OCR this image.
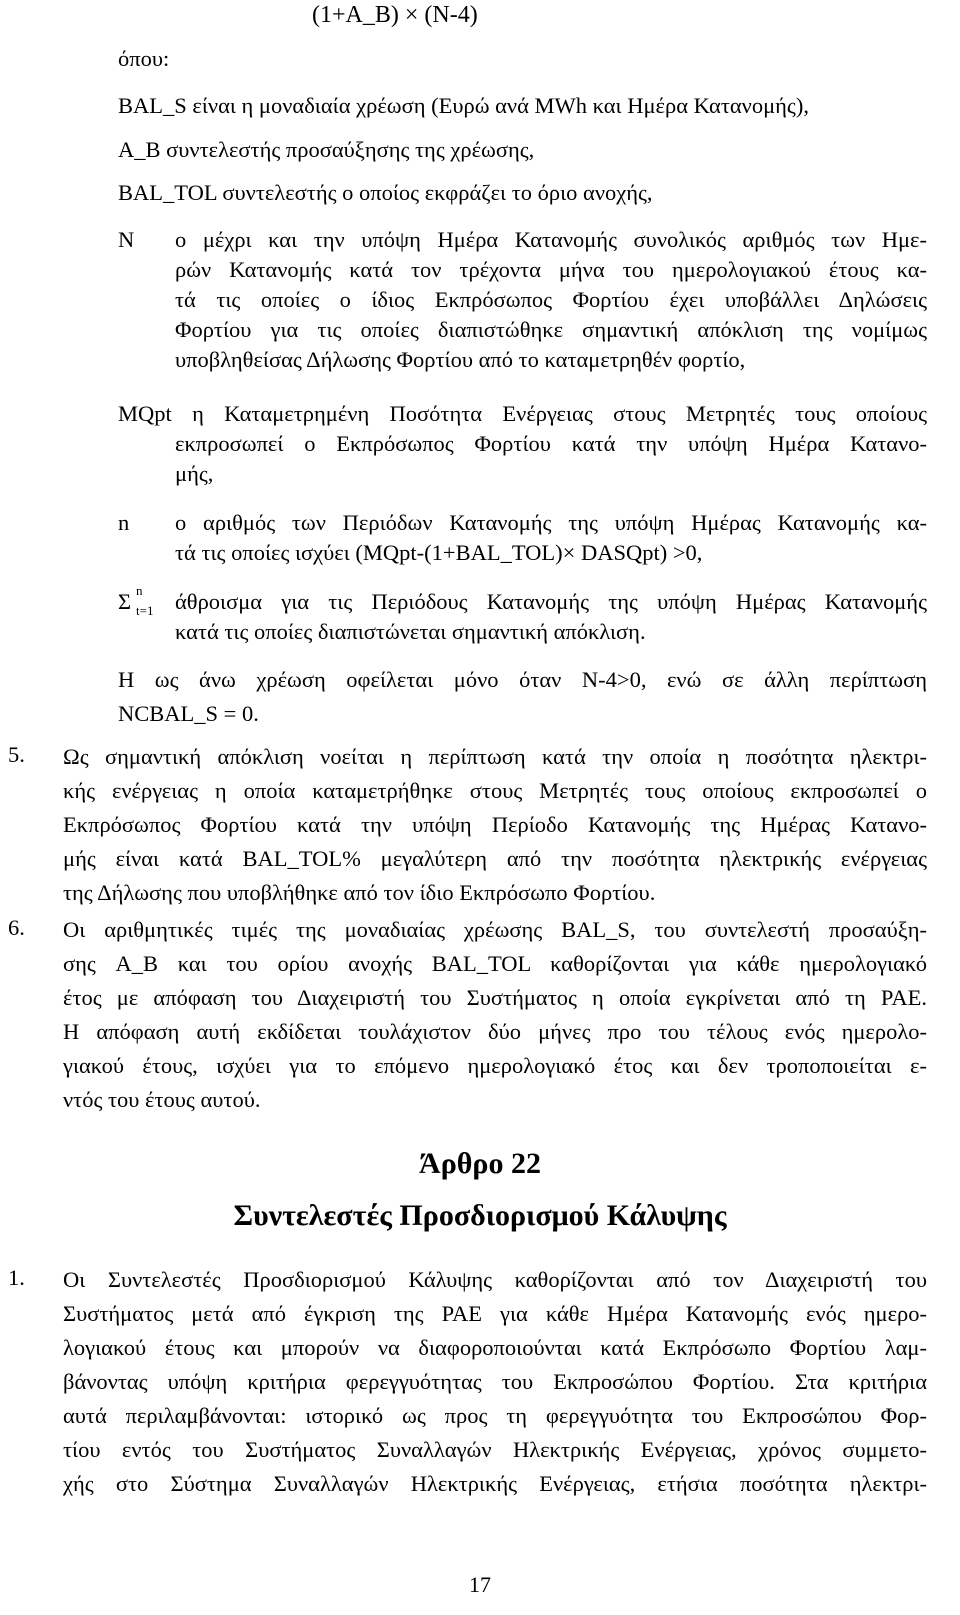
(1+A_B) × (N-4)
όπου:
BAL_S είναι η μοναδιαία χρέωση (Ευρώ ανά MWh και Ημέρα Κατανομής),
A_B συντελεστής προσαύξησης της χρέωσης,
BAL_TOL συντελεστής ο οποίος εκφράζει το όριο ανοχής,
Ν ο μέχρι και την υπόψη Ημέρα Κατανομής συνολικός αριθμός των Ημε-
ρών Κατανομής κατά τον τρέχοντα μήνα του ημερολογιακού έτους κα-
τά τις οποίες ο ίδιος Εκπρόσωπος Φορτίου έχει υποβάλλει Δηλώσεις
Φορτίου για τις οποίες διαπιστώθηκε σημαντική απόκλιση της νομίμως
υποβληθείσας Δήλωσης Φορτίου από το καταμετρηθέν φορτίο,
MQpt η Καταμετρημένη Ποσότητα Ενέργειας στους Μετρητές τους οποίους
εκπροσωπεί ο Εκπρόσωπος Φορτίου κατά την υπόψη Ημέρα Κατανο-
μής,
n ο αριθμός των Περιόδων Κατανομής της υπόψη Ημέρας Κατανομής κα-
τά τις οποίες ισχύει (MQpt-(1+BAL_TOL)× DASQpt) >0,
Σ n
t=1 άθροισμα για τις Περιόδους Κατανομής της υπόψη Ημέρας Κατανομής
κατά τις οποίες διαπιστώνεται σημαντική απόκλιση.
Η ως άνω χρέωση οφείλεται μόνο όταν Ν-4>0, ενώ σε άλλη περίπτωση
NCBAL_S = 0.
5. Ως σημαντική απόκλιση νοείται η περίπτωση κατά την οποία η ποσότητα ηλεκτρι-
κής ενέργειας η οποία καταμετρήθηκε στους Μετρητές τους οποίους εκπροσωπεί ο
Εκπρόσωπος Φορτίου κατά την υπόψη Περίοδο Κατανομής της Ημέρας Κατανο-
μής είναι κατά BAL_TOL% μεγαλύτερη από την ποσότητα ηλεκτρικής ενέργειας
της Δήλωσης που υποβλήθηκε από τον ίδιο Εκπρόσωπο Φορτίου.
6. Οι αριθμητικές τιμές της μοναδιαίας χρέωσης BAL_S, του συντελεστή προσαύξη-
σης A_B και του ορίου ανοχής BAL_TOL καθορίζονται για κάθε ημερολογιακό
έτος με απόφαση του Διαχειριστή του Συστήματος η οποία εγκρίνεται από τη ΡΑΕ.
Η απόφαση αυτή εκδίδεται τουλάχιστον δύο μήνες προ του τέλους ενός ημερολο-
γιακού έτους, ισχύει για το επόμενο ημερολογιακό έτος και δεν τροποποιείται ε-
ντός του έτους αυτού.
Άρθρο 22
Συντελεστές Προσδιορισμού Κάλυψης
1. Οι Συντελεστές Προσδιορισμού Κάλυψης καθορίζονται από τον Διαχειριστή του
Συστήματος μετά από έγκριση της ΡΑΕ για κάθε Ημέρα Κατανομής ενός ημερο-
λογιακού έτους και μπορούν να διαφοροποιούνται κατά Εκπρόσωπο Φορτίου λαμ-
βάνοντας υπόψη κριτήρια φερεγγυότητας του Εκπροσώπου Φορτίου. Στα κριτήρια
αυτά περιλαμβάνονται: ιστορικό ως προς τη φερεγγυότητα του Εκπροσώπου Φορ-
τίου εντός του Συστήματος Συναλλαγών Ηλεκτρικής Ενέργειας, χρόνος συμμετο-
χής στο Σύστημα Συναλλαγών Ηλεκτρικής Ενέργειας, ετήσια ποσότητα ηλεκτρι-
17
